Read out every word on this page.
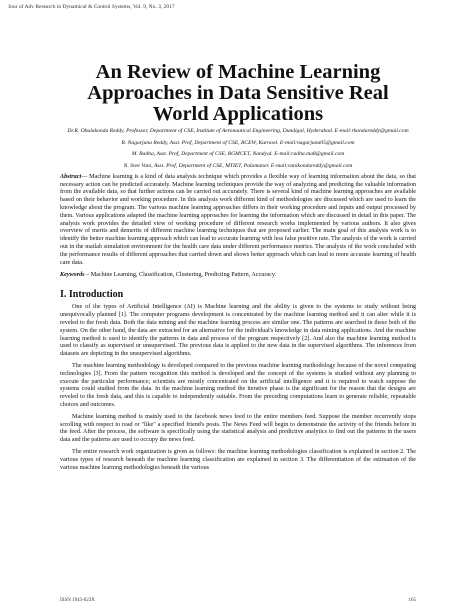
Jour of Adv Research in Dynamical & Control Systems, Vol. 9, No. 3, 2017
An Review of Machine Learning Approaches in Data Sensitive Real World Applications
Dr.R. Obulakonda Reddy, Professor, Department of CSE, Institute of Aeronautical Engineering, Dundigal, Hyderabad. E-mail:rkondareddy@gmail.com
R. Nagarjuna Reddy, Asst. Prof, Department of CSE, RCEW, Kurnool. E-mail:nagarjuna05@gmail.com
M. Radha, Asst. Prof, Department of CSE, RGMCET, Nandyal. E-mail:radha.ma8@gmail.com
N. Sree Vani, Asst. Prof, Department of CSE, MTIET, Palamaner. E-mail:vanikondareddy@gmail.com

Abstract— Machine learning is a kind of data analysis technique which provides a flexible way of learning information about the data, so that necessary action can be predicted accurately. Machine learning techniques provide the way of analyzing and predicting the valuable information from the available data, so that further actions can be carried out accurately. There is several kind of machine learning approaches are available based on their behavior and working procedure. In this analysis work different kind of methodologies are discussed which are used to learn the knowledge about the program. The various machine learning approaches differs in their working procedure and inputs and output processed by them. Various applications adapted the machine learning approaches for learning the information which are discussed in detail in this paper. The analysis work provides the detailed view of working procedure of different research works implemented by various authors. It also gives overview of merits and demerits of different machine learning techniques that are proposed earlier. The main goal of this analysis work is to identify the better machine learning approach which can lead to accurate learning with less false positive rate. The analysis of the work is carried out in the matlab simulation environment for the health care data under different performance metrics. The analysis of the work concluded with the performance results of different approaches that carried down and shows better approach which can lead to more accurate learning of health care data.

Keywords – Machine Learning, Classification, Clustering, Predicting Pattern, Accuracy.
I. Introduction

One of the types of Artificial Intelligence (AI) is Machine learning and the ability is given to the systems to study without being unequivocally planned [1]. The computer programs development is concentrated by the machine learning method and it can alter while it is reveled to the fresh data. Both the data mining and the machine learning process are similar one. The patterns are searched in these both of the system. On the other hand, the data are extracted for an alternative for the individual's knowledge in data mining applications. And the machine learning method is used to identify the patterns in data and process of the program respectively [2]. And also the machine learning method is used to classify as supervised or unsupervised. The previous data is applied to the new data in the supervised algorithms. The inferences from datasets are depicting in the unsupervised algorithms.

The machine learning methodology is developed compared to the previous machine learning methodology because of the novel computing technologies [3]. From the pattern recognition this method is developed and the concept of the systems is studied without any planning to execute the particular performance; scientists are mostly concentrated on the artificial intelligence and it is required to watch suppose the systems could studied from the data. In the machine learning method the iterative phase is the significant for the reason that the designs are reveled to the fresh data, and this is capable to independently suitable. From the preceding computations learn to generate reliable, repeatable choices and outcomes.

Machine learning method is mainly used to the facebook news feed to the entire members feed. Suppose the member recurrently stops scrolling with respect to read or "like" a specified friend's posts. The News Feed will begin to demonstrate the activity of the friends before in the feed. After the process, the software is specifically using the statistical analysis and predictive analytics to find out the patterns in the users data and the patterns are used to occupy the news feed.

The entire research work organization is given as follows: the machine learning methodologies classification is explained in section 2. The various types of research beneath the machine learning classification are explained in section 3. The differentiation of the estimation of the various machine learning methodologies beneath the various

ISSN 1943-023X	165
